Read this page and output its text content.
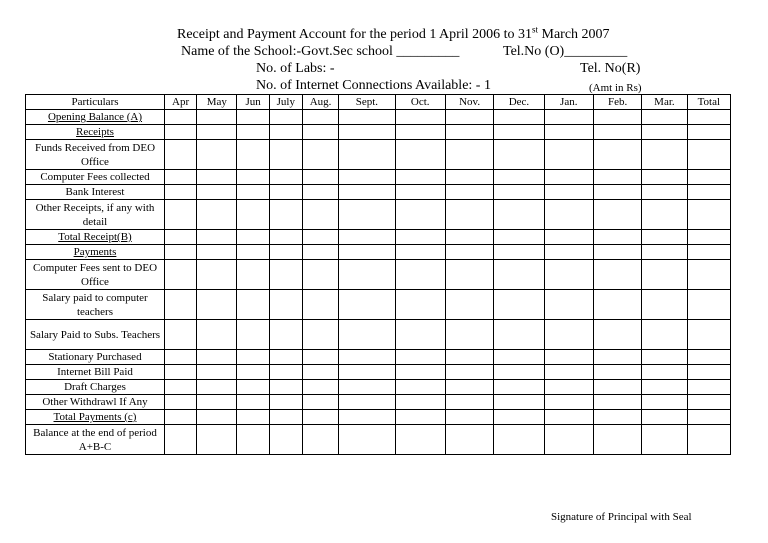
Receipt and Payment Account for the period 1 April 2006 to 31st March 2007
Name of the School:-Govt.Sec school _________	Tel.No (O)_________
No. of Labs: -	Tel. No(R)
No. of Internet Connections Available: - 1	(Amt in Rs)
Particulars	Apr	May	Jun	July	Aug.	Sept.	Oct.	Nov.	Dec.	Jan.	Feb.	Mar.	Total
Opening Balance (A)													
Receipts													
Funds Received from DEO Office													
Computer Fees collected													
Bank Interest													
Other Receipts, if any with detail													
Total Receipt(B)													
Payments													
Computer Fees sent to DEO Office													
Salary paid to computer teachers													
Salary Paid to Subs. Teachers													
Stationary Purchased													
Internet Bill Paid													
Draft Charges													
Other Withdrawl If Any													
Total Payments (c)													
Balance at the end of period A+B-C													
Signature of Principal with Seal
